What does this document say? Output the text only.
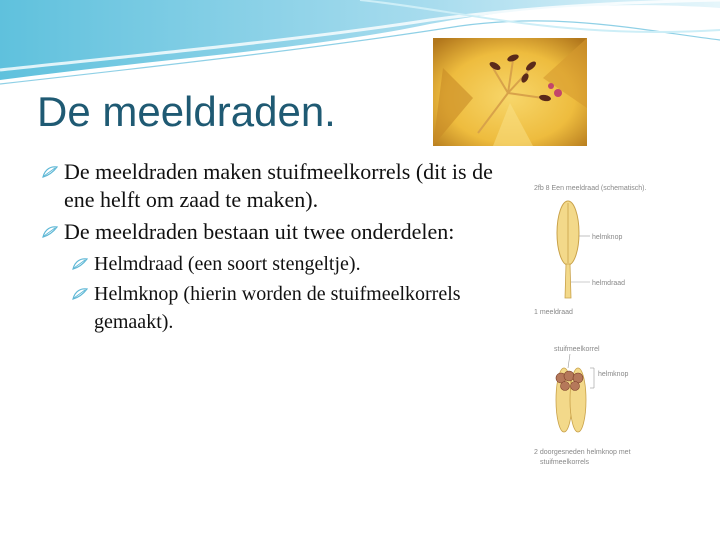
De meeldraden.
De meeldraden maken stuifmeelkorrels (dit is de ene helft om zaad te maken).
De meeldraden bestaan uit twee onderdelen:
Helmdraad (een soort stengeltje).
Helmknop (hierin worden de stuifmeelkorrels gemaakt).
2fb 8 Een meeldraad (schematisch).
helmknop
helmdraad
1 meeldraad
stuifmeelkorrel
helmknop
2 doorgesneden helmknop met
stuifmeelkorrels
